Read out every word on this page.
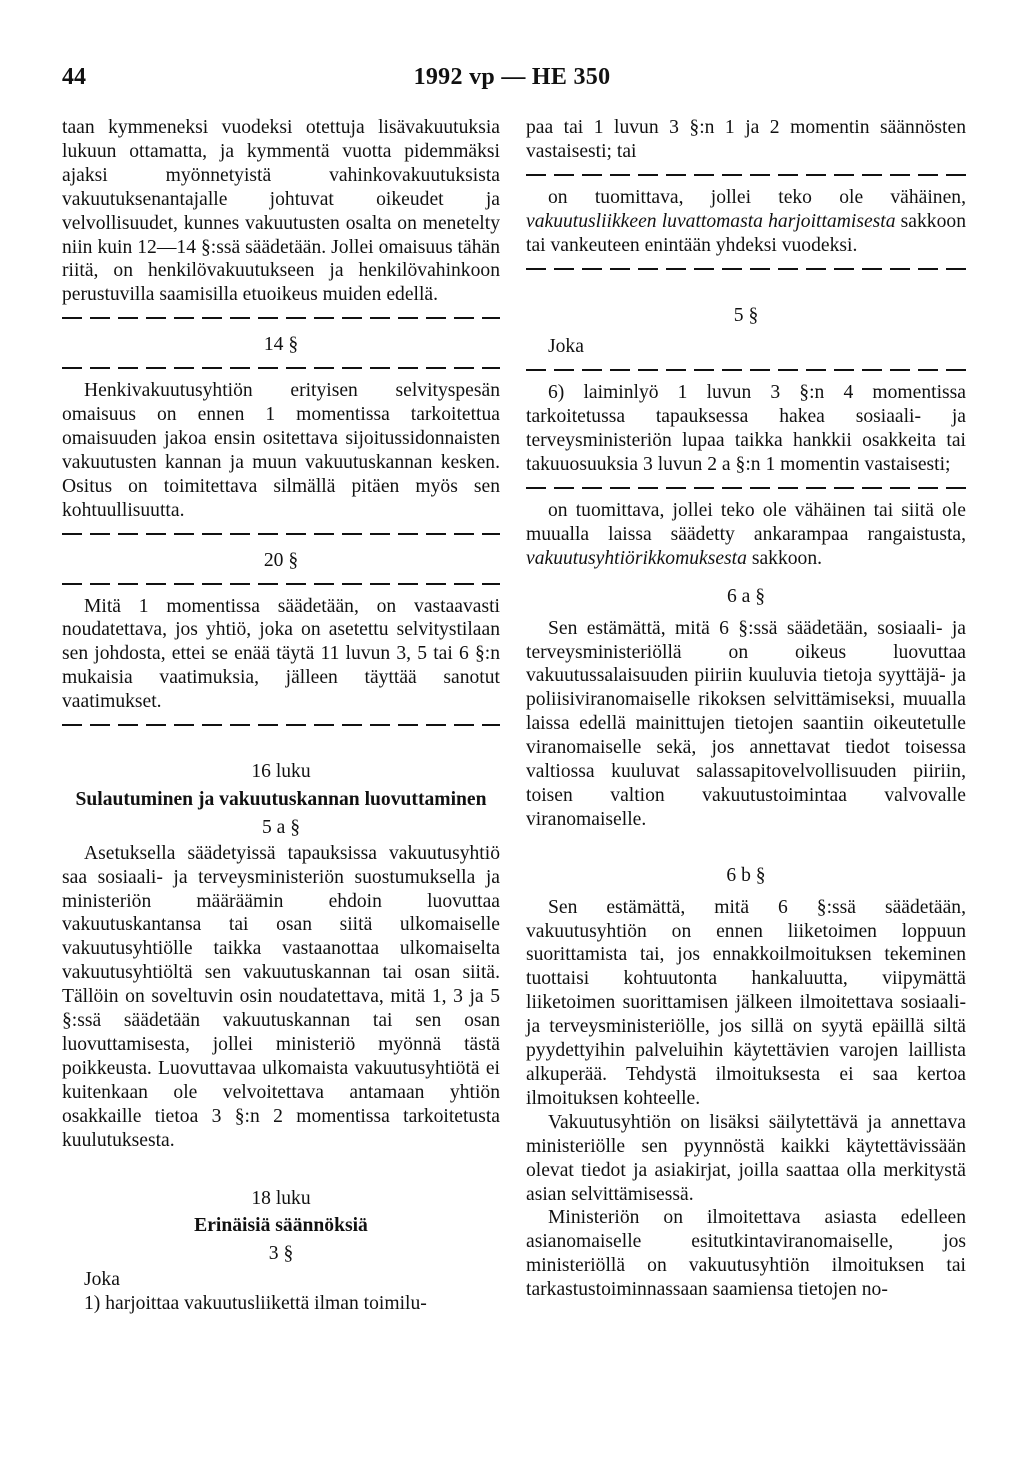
44	1992 vp — HE 350

taan kymmeneksi vuodeksi otettuja lisävakuutuksia lukuun ottamatta, ja kymmentä vuotta pidemmäksi ajaksi myönnetyistä vahinkovakuutuksista vakuutuksenantajalle johtuvat oikeudet ja velvollisuudet, kunnes vakuutusten osalta on menetelty niin kuin 12—14 §:ssä säädetään. Jollei omaisuus tähän riitä, on henkilövakuutukseen ja henkilövahinkoon perustuvilla saamisilla etuoikeus muiden edellä.

14 §

Henkivakuutusyhtiön erityisen selvityspesän omaisuus on ennen 1 momentissa tarkoitettua omaisuuden jakoa ensin ositettava sijoitussidonnaisten vakuutusten kannan ja muun vakuutuskannan kesken. Ositus on toimitettava silmällä pitäen myös sen kohtuullisuutta.

20 §

Mitä 1 momentissa säädetään, on vastaavasti noudatettava, jos yhtiö, joka on asetettu selvitystilaan sen johdosta, ettei se enää täytä 11 luvun 3, 5 tai 6 §:n mukaisia vaatimuksia, jälleen täyttää sanotut vaatimukset.

16 luku
Sulautuminen ja vakuutuskannan luovuttaminen
5 a §

Asetuksella säädetyissä tapauksissa vakuutusyhtiö saa sosiaali- ja terveysministeriön suostumuksella ja ministeriön määräämin ehdoin luovuttaa vakuutuskantansa tai osan siitä ulkomaiselle vakuutusyhtiölle taikka vastaanottaa ulkomaiselta vakuutusyhtiöltä sen vakuutuskannan tai osan siitä. Tällöin on soveltuvin osin noudatettava, mitä 1, 3 ja 5 §:ssä säädetään vakuutuskannan tai sen osan luovuttamisesta, jollei ministeriö myönnä tästä poikkeusta. Luovuttavaa ulkomaista vakuutusyhtiötä ei kuitenkaan ole velvoitettava antamaan yhtiön osakkaille tietoa 3 §:n 2 momentissa tarkoitetusta kuulutuksesta.

18 luku
Erinäisiä säännöksiä
3 §

Joka

1) harjoittaa vakuutusliikettä ilman toimilu-

paa tai 1 luvun 3 §:n 1 ja 2 momentin säännösten vastaisesti; tai

on tuomittava, jollei teko ole vähäinen, vakuutusliikkeen luvattomasta harjoittamisesta sakkoon tai vankeuteen enintään yhdeksi vuodeksi.

5 §

Joka

6) laiminlyö 1 luvun 3 §:n 4 momentissa tarkoitetussa tapauksessa hakea sosiaali- ja terveysministeriön lupaa taikka hankkii osakkeita tai takuuosuuksia 3 luvun 2 a §:n 1 momentin vastaisesti;

on tuomittava, jollei teko ole vähäinen tai siitä ole muualla laissa säädetty ankarampaa rangaistusta, vakuutusyhtiörikkomuksesta sakkoon.

6 a §

Sen estämättä, mitä 6 §:ssä säädetään, sosiaali- ja terveysministeriöllä on oikeus luovuttaa vakuutussalaisuuden piiriin kuuluvia tietoja syyttäjä- ja poliisiviranomaiselle rikoksen selvittämiseksi, muualla laissa edellä mainittujen tietojen saantiin oikeutetulle viranomaiselle sekä, jos annettavat tiedot toisessa valtiossa kuuluvat salassapitovelvollisuuden piiriin, toisen valtion vakuutustoimintaa valvovalle viranomaiselle.

6 b §

Sen estämättä, mitä 6 §:ssä säädetään, vakuutusyhtiön on ennen liiketoimen loppuun suorittamista tai, jos ennakkoilmoituksen tekeminen tuottaisi kohtuutonta hankaluutta, viipymättä liiketoimen suorittamisen jälkeen ilmoitettava sosiaali- ja terveysministeriölle, jos sillä on syytä epäillä siltä pyydettyihin palveluihin käytettävien varojen laillista alkuperää. Tehdystä ilmoituksesta ei saa kertoa ilmoituksen kohteelle.

Vakuutusyhtiön on lisäksi säilytettävä ja annettava ministeriölle sen pyynnöstä kaikki käytettävissään olevat tiedot ja asiakirjat, joilla saattaa olla merkitystä asian selvittämisessä.

Ministeriön on ilmoitettava asiasta edelleen asianomaiselle esitutkintaviranomaiselle, jos ministeriöllä on vakuutusyhtiön ilmoituksen tai tarkastustoiminnassaan saamiensa tietojen no-
